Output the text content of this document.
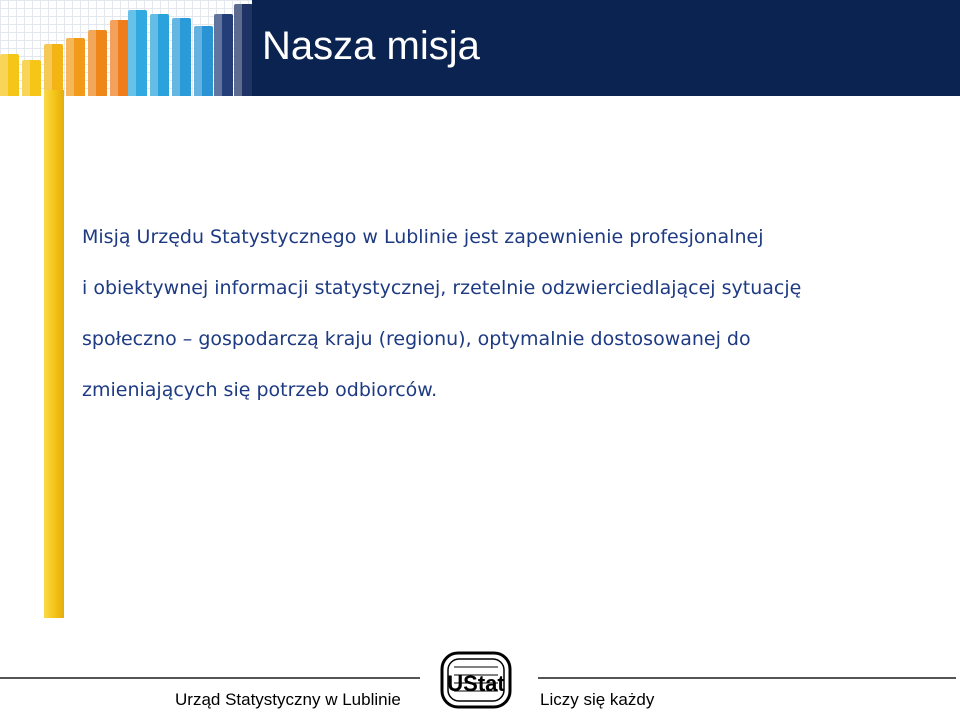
Nasza misja

Misją Urzędu Statystycznego w Lublinie jest zapewnienie profesjonalnej
i obiektywnej informacji statystycznej, rzetelnie odzwierciedlającej sytuację
społeczno – gospodarczą kraju (regionu), optymalnie dostosowanej do
zmieniających się potrzeb odbiorców.

Urząd Statystyczny w Lublinie
UStat
Liczy się każdy
